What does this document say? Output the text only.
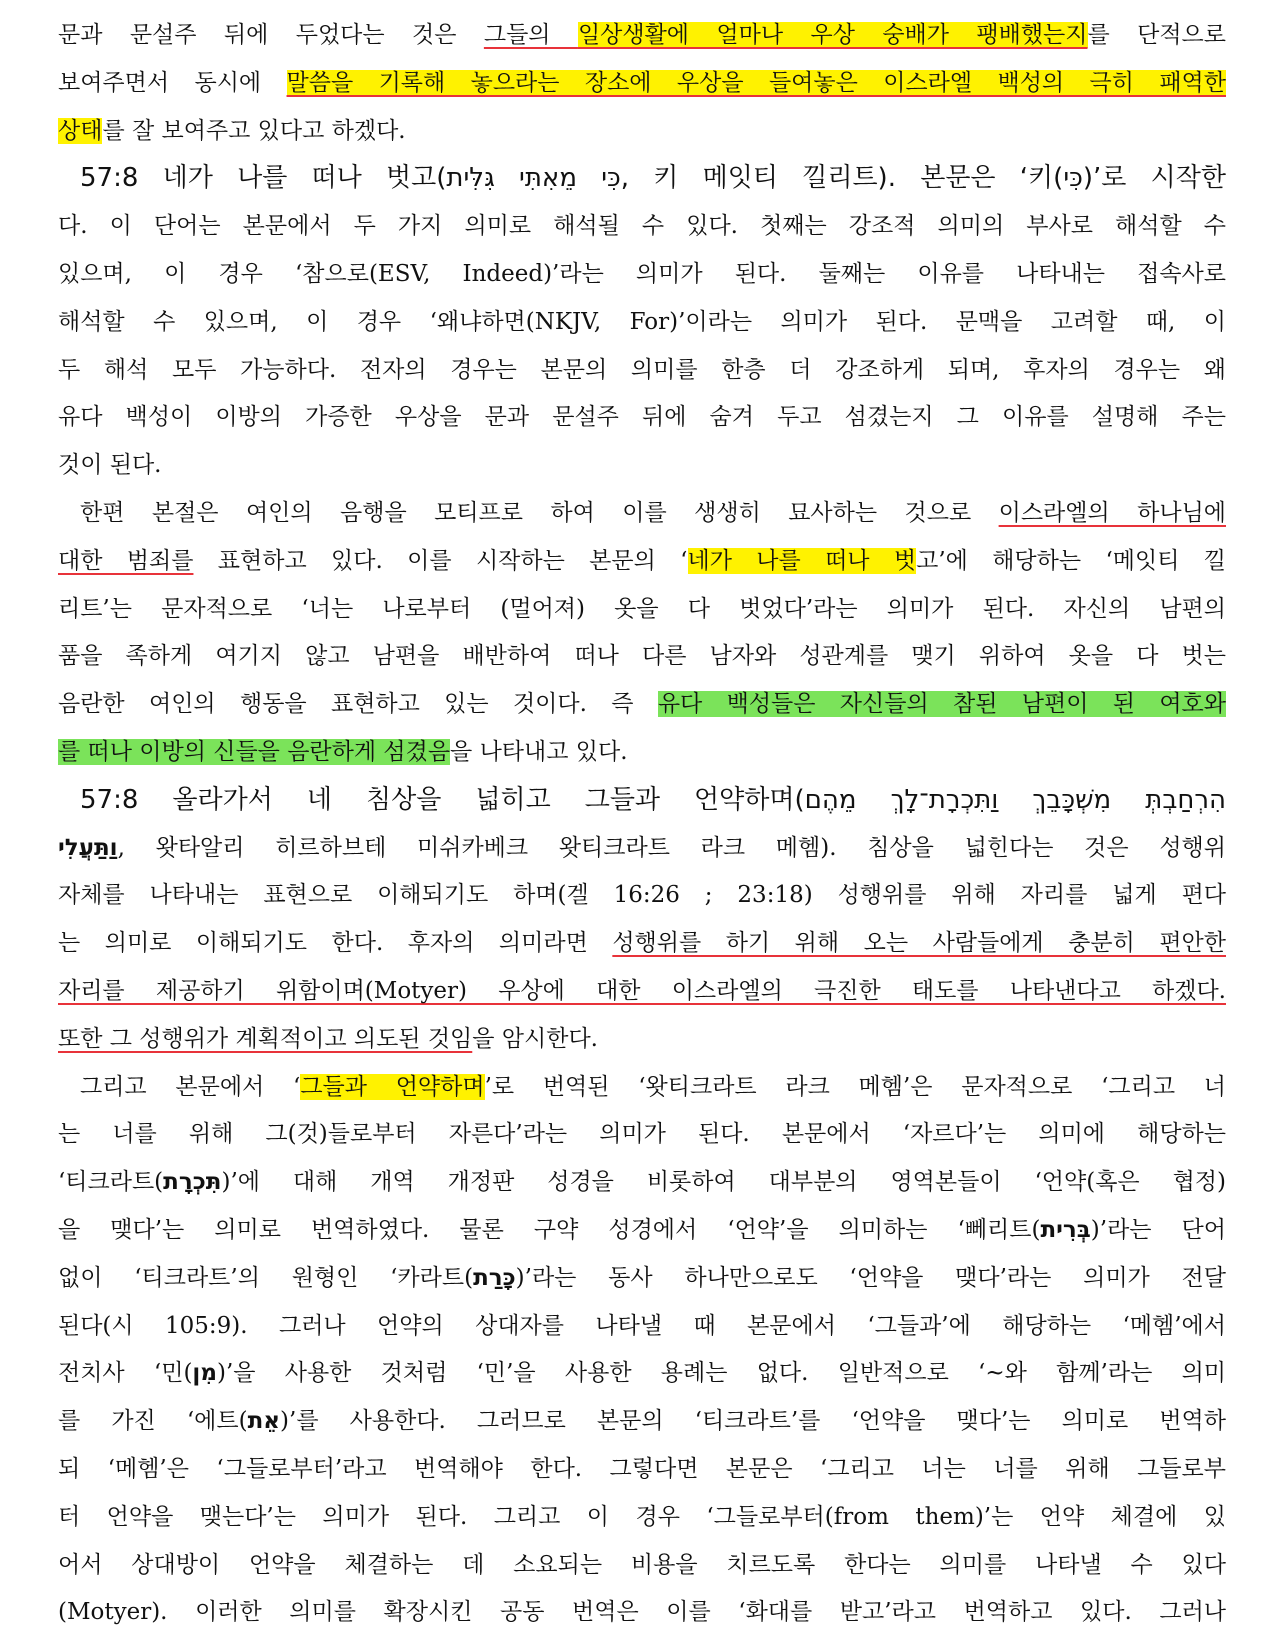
문과 문설주 뒤에 두었다는 것은 그들의 일상생활에 얼마나 우상 숭배가 팽배했는지를 단적으로
보여주면서 동시에 말씀을 기록해 놓으라는 장소에 우상을 들여놓은 이스라엘 백성의 극히 패역한
상태를 잘 보여주고 있다고 하겠다.
57:8 네가 나를 떠나 벗고(כִּי מֵאִתִּי גִּלִּית, 키 메잇티 낄리트). 본문은 ‘키(כִּי)’로 시작한
다. 이 단어는 본문에서 두 가지 의미로 해석될 수 있다. 첫째는 강조적 의미의 부사로 해석할 수
있으며, 이 경우 ‘참으로(ESV, Indeed)’라는 의미가 된다. 둘째는 이유를 나타내는 접속사로
해석할 수 있으며, 이 경우 ‘왜냐하면(NKJV, For)’이라는 의미가 된다. 문맥을 고려할 때, 이
두 해석 모두 가능하다. 전자의 경우는 본문의 의미를 한층 더 강조하게 되며, 후자의 경우는 왜
유다 백성이 이방의 가증한 우상을 문과 문설주 뒤에 숨겨 두고 섬겼는지 그 이유를 설명해 주는
것이 된다.
한편 본절은 여인의 음행을 모티프로 하여 이를 생생히 묘사하는 것으로 이스라엘의 하나님에
대한 범죄를 표현하고 있다. 이를 시작하는 본문의 ‘네가 나를 떠나 벗고’에 해당하는 ‘메잇티 낄
리트’는 문자적으로 ‘너는 나로부터 (멀어져) 옷을 다 벗었다’라는 의미가 된다. 자신의 남편의
품을 족하게 여기지 않고 남편을 배반하여 떠나 다른 남자와 성관계를 맺기 위하여 옷을 다 벗는
음란한 여인의 행동을 표현하고 있는 것이다. 즉 유다 백성들은 자신들의 참된 남편이 된 여호와
를 떠나 이방의 신들을 음란하게 섬겼음을 나타내고 있다.
57:8 올라가서 네 침상을 넓히고 그들과 언약하며(הִרְחַבְתְּ מִשְׁכָּבֵךְ וַתִּכְרָת־לָךְ מֵהֶם
וַתַּעֲלִי, 왓타알리 히르하브테 미쉬카베크 왓티크라트 라크 메헴). 침상을 넓힌다는 것은 성행위
자체를 나타내는 표현으로 이해되기도 하며(겔 16:26 ; 23:18) 성행위를 위해 자리를 넓게 편다
는 의미로 이해되기도 한다. 후자의 의미라면 성행위를 하기 위해 오는 사람들에게 충분히 편안한
자리를 제공하기 위함이며(Motyer) 우상에 대한 이스라엘의 극진한 태도를 나타낸다고 하겠다.
또한 그 성행위가 계획적이고 의도된 것임을 암시한다.
그리고 본문에서 ‘그들과 언약하며’로 번역된 ‘왓티크라트 라크 메헴’은 문자적으로 ‘그리고 너
는 너를 위해 그(것)들로부터 자른다’라는 의미가 된다. 본문에서 ‘자르다’는 의미에 해당하는
‘티크라트(תִּכְרָת)’에 대해 개역 개정판 성경을 비롯하여 대부분의 영역본들이 ‘언약(혹은 협정)
을 맺다’는 의미로 번역하였다. 물론 구약 성경에서 ‘언약’을 의미하는 ‘뻬리트(בְּרִית)’라는 단어
없이 ‘티크라트’의 원형인 ‘카라트(כָּרַת)’라는 동사 하나만으로도 ‘언약을 맺다’라는 의미가 전달
된다(시 105:9). 그러나 언약의 상대자를 나타낼 때 본문에서 ‘그들과’에 해당하는 ‘메헴’에서
전치사 ‘민(מִן)’을 사용한 것처럼 ‘민’을 사용한 용례는 없다. 일반적으로 ‘~와 함께’라는 의미
를 가진 ‘에트(אֵת)’를 사용한다. 그러므로 본문의 ‘티크라트’를 ‘언약을 맺다’는 의미로 번역하
되 ‘메헴’은 ‘그들로부터’라고 번역해야 한다. 그렇다면 본문은 ‘그리고 너는 너를 위해 그들로부
터 언약을 맺는다’는 의미가 된다. 그리고 이 경우 ‘그들로부터(from them)’는 언약 체결에 있
어서 상대방이 언약을 체결하는 데 소요되는 비용을 치르도록 한다는 의미를 나타낼 수 있다
(Motyer). 이러한 의미를 확장시킨 공동 번역은 이를 ‘화대를 받고’라고 번역하고 있다. 그러나
